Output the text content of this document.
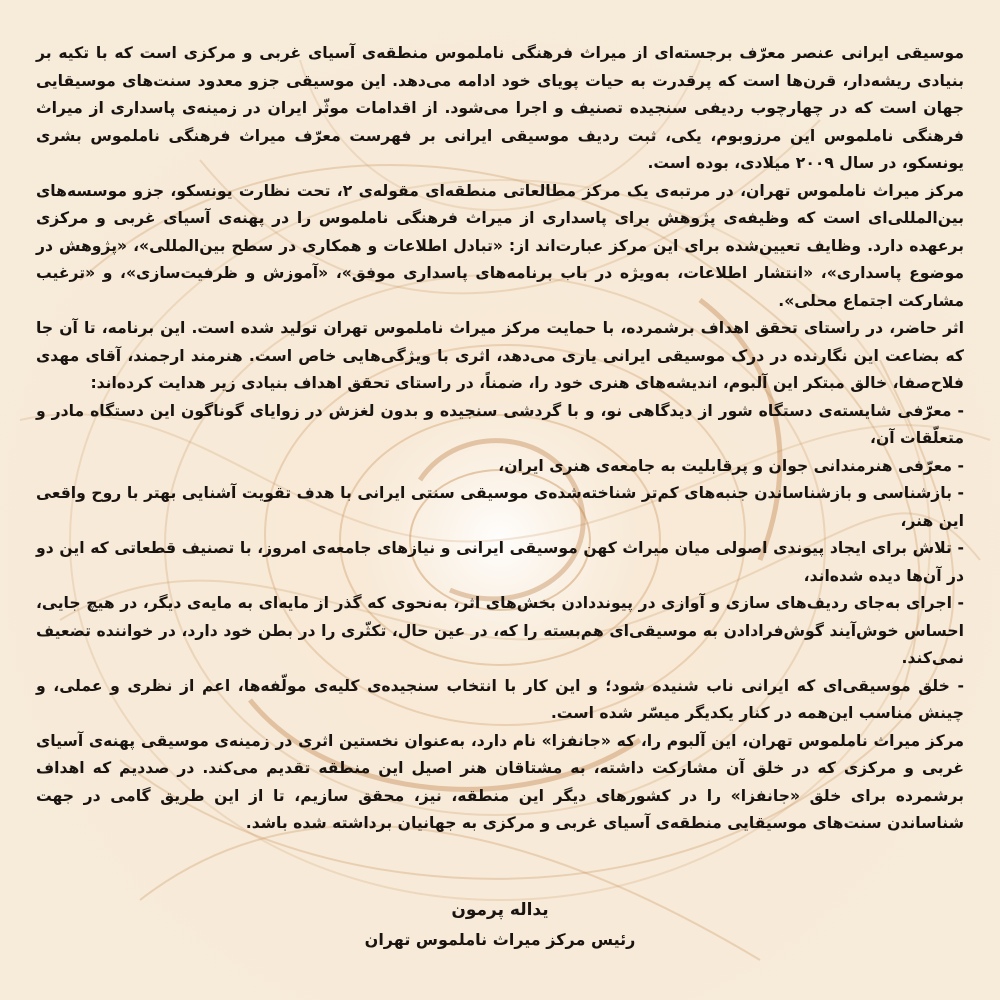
موسیقی ایرانی عنصر معرّف برجسته‌ای از میراث فرهنگی ناملموس منطقه‌ی آسیای غربی و مرکزی است که با تکیه بر بنیادی ریشه‌دار، قرن‌ها است که پرقدرت به حیات پویای خود ادامه می‌دهد. این موسیقی جزو معدود سنت‌های موسیقایی جهان است که در چهارچوب ردیفی سنجیده تصنیف و اجرا می‌شود. از اقدامات موثّر ایران در زمینه‌ی پاسداری از میراث فرهنگی ناملموس این مرزوبوم، یکی، ثبت ردیف موسیقی ایرانی بر فهرست معرّف میراث فرهنگی ناملموس بشری یونسکو، در سال ۲۰۰۹ میلادی، بوده است.

مرکز میراث ناملموس تهران، در مرتبه‌ی یک مرکز مطالعاتی منطقه‌ای مقوله‌ی ۲، تحت نظارت یونسکو، جزو موسسه‌های بین‌المللی‌ای است که وظیفه‌ی پژوهش برای پاسداری از میراث فرهنگی ناملموس را در پهنه‌ی آسیای غربی و مرکزی برعهده دارد. وظایف تعیین‌شده برای این مرکز عبارت‌اند از: «تبادل اطلاعات و همکاری در سطح بین‌المللی»، «پژوهش در موضوع پاسداری»، «انتشار اطلاعات، به‌ویژه در باب برنامه‌های پاسداری موفق»، «آموزش و ظرفیت‌سازی»، و «ترغیب مشارکت اجتماع محلی».

اثر حاضر، در راستای تحقق اهداف برشمرده، با حمایت مرکز میراث ناملموس تهران تولید شده است. این برنامه، تا آن جا که بضاعت این نگارنده در درک موسیقی ایرانی یاری می‌دهد، اثری با ویژگی‌هایی خاص است. هنرمند ارجمند، آقای مهدی فلاح‌صفا، خالق مبتکر این آلبوم، اندیشه‌های هنری خود را، ضمناً، در راستای تحقق اهداف بنیادی زیر هدایت کرده‌اند:

- معرّفی شایسته‌ی دستگاه شور از دیدگاهی نو، و با گردشی سنجیده و بدون لغزش در زوایای گوناگون این دستگاه مادر و متعلّقات آن،

- معرّفی هنرمندانی جوان و پرقابلیت به جامعه‌ی هنری ایران،

- بازشناسی و بازشناساندن جنبه‌های کم‌تر شناخته‌شده‌ی موسیقی سنتی ایرانی با هدف تقویت آشنایی بهتر با روح واقعی این هنر،

- تلاش برای ایجاد پیوندی اصولی میان میراث کهن موسیقی ایرانی و نیازهای جامعه‌ی امروز، با تصنیف قطعاتی که این دو در آن‌ها دیده شده‌اند،

- اجرای به‌جای ردیف‌های سازی و آوازی در پیونددادن بخش‌های اثر، به‌نحوی که گذر از مایه‌ای به مایه‌ی دیگر، در هیچ جایی، احساس خوش‌آیند گوش‌فرادادن به موسیقی‌ای هم‌بسته را که، در عین حال، تکثّری را در بطن خود دارد، در خواننده تضعیف نمی‌کند.

- خلق موسیقی‌ای که ایرانی ناب شنیده شود؛ و این کار با انتخاب سنجیده‌ی کلیه‌ی مولّفه‌ها، اعم از نظری و عملی، و چینش مناسب این‌همه در کنار یکدیگر میسّر شده است.

مرکز میراث ناملموس تهران، این آلبوم را، که «جانفزا» نام دارد، به‌عنوان نخستین اثری در زمینه‌ی موسیقی پهنه‌ی آسیای غربی و مرکزی که در خلق آن مشارکت داشته، به مشتاقان هنر اصیل این منطقه تقدیم می‌کند. در صددیم که اهداف برشمرده برای خلق «جانفزا» را در کشورهای دیگر این منطقه، نیز، محقق سازیم، تا از این طریق گامی در جهت شناساندن سنت‌های موسیقایی منطقه‌ی آسیای غربی و مرکزی به جهانیان برداشته شده باشد.

یداله پرمون

رئیس مرکز میراث ناملموس تهران
